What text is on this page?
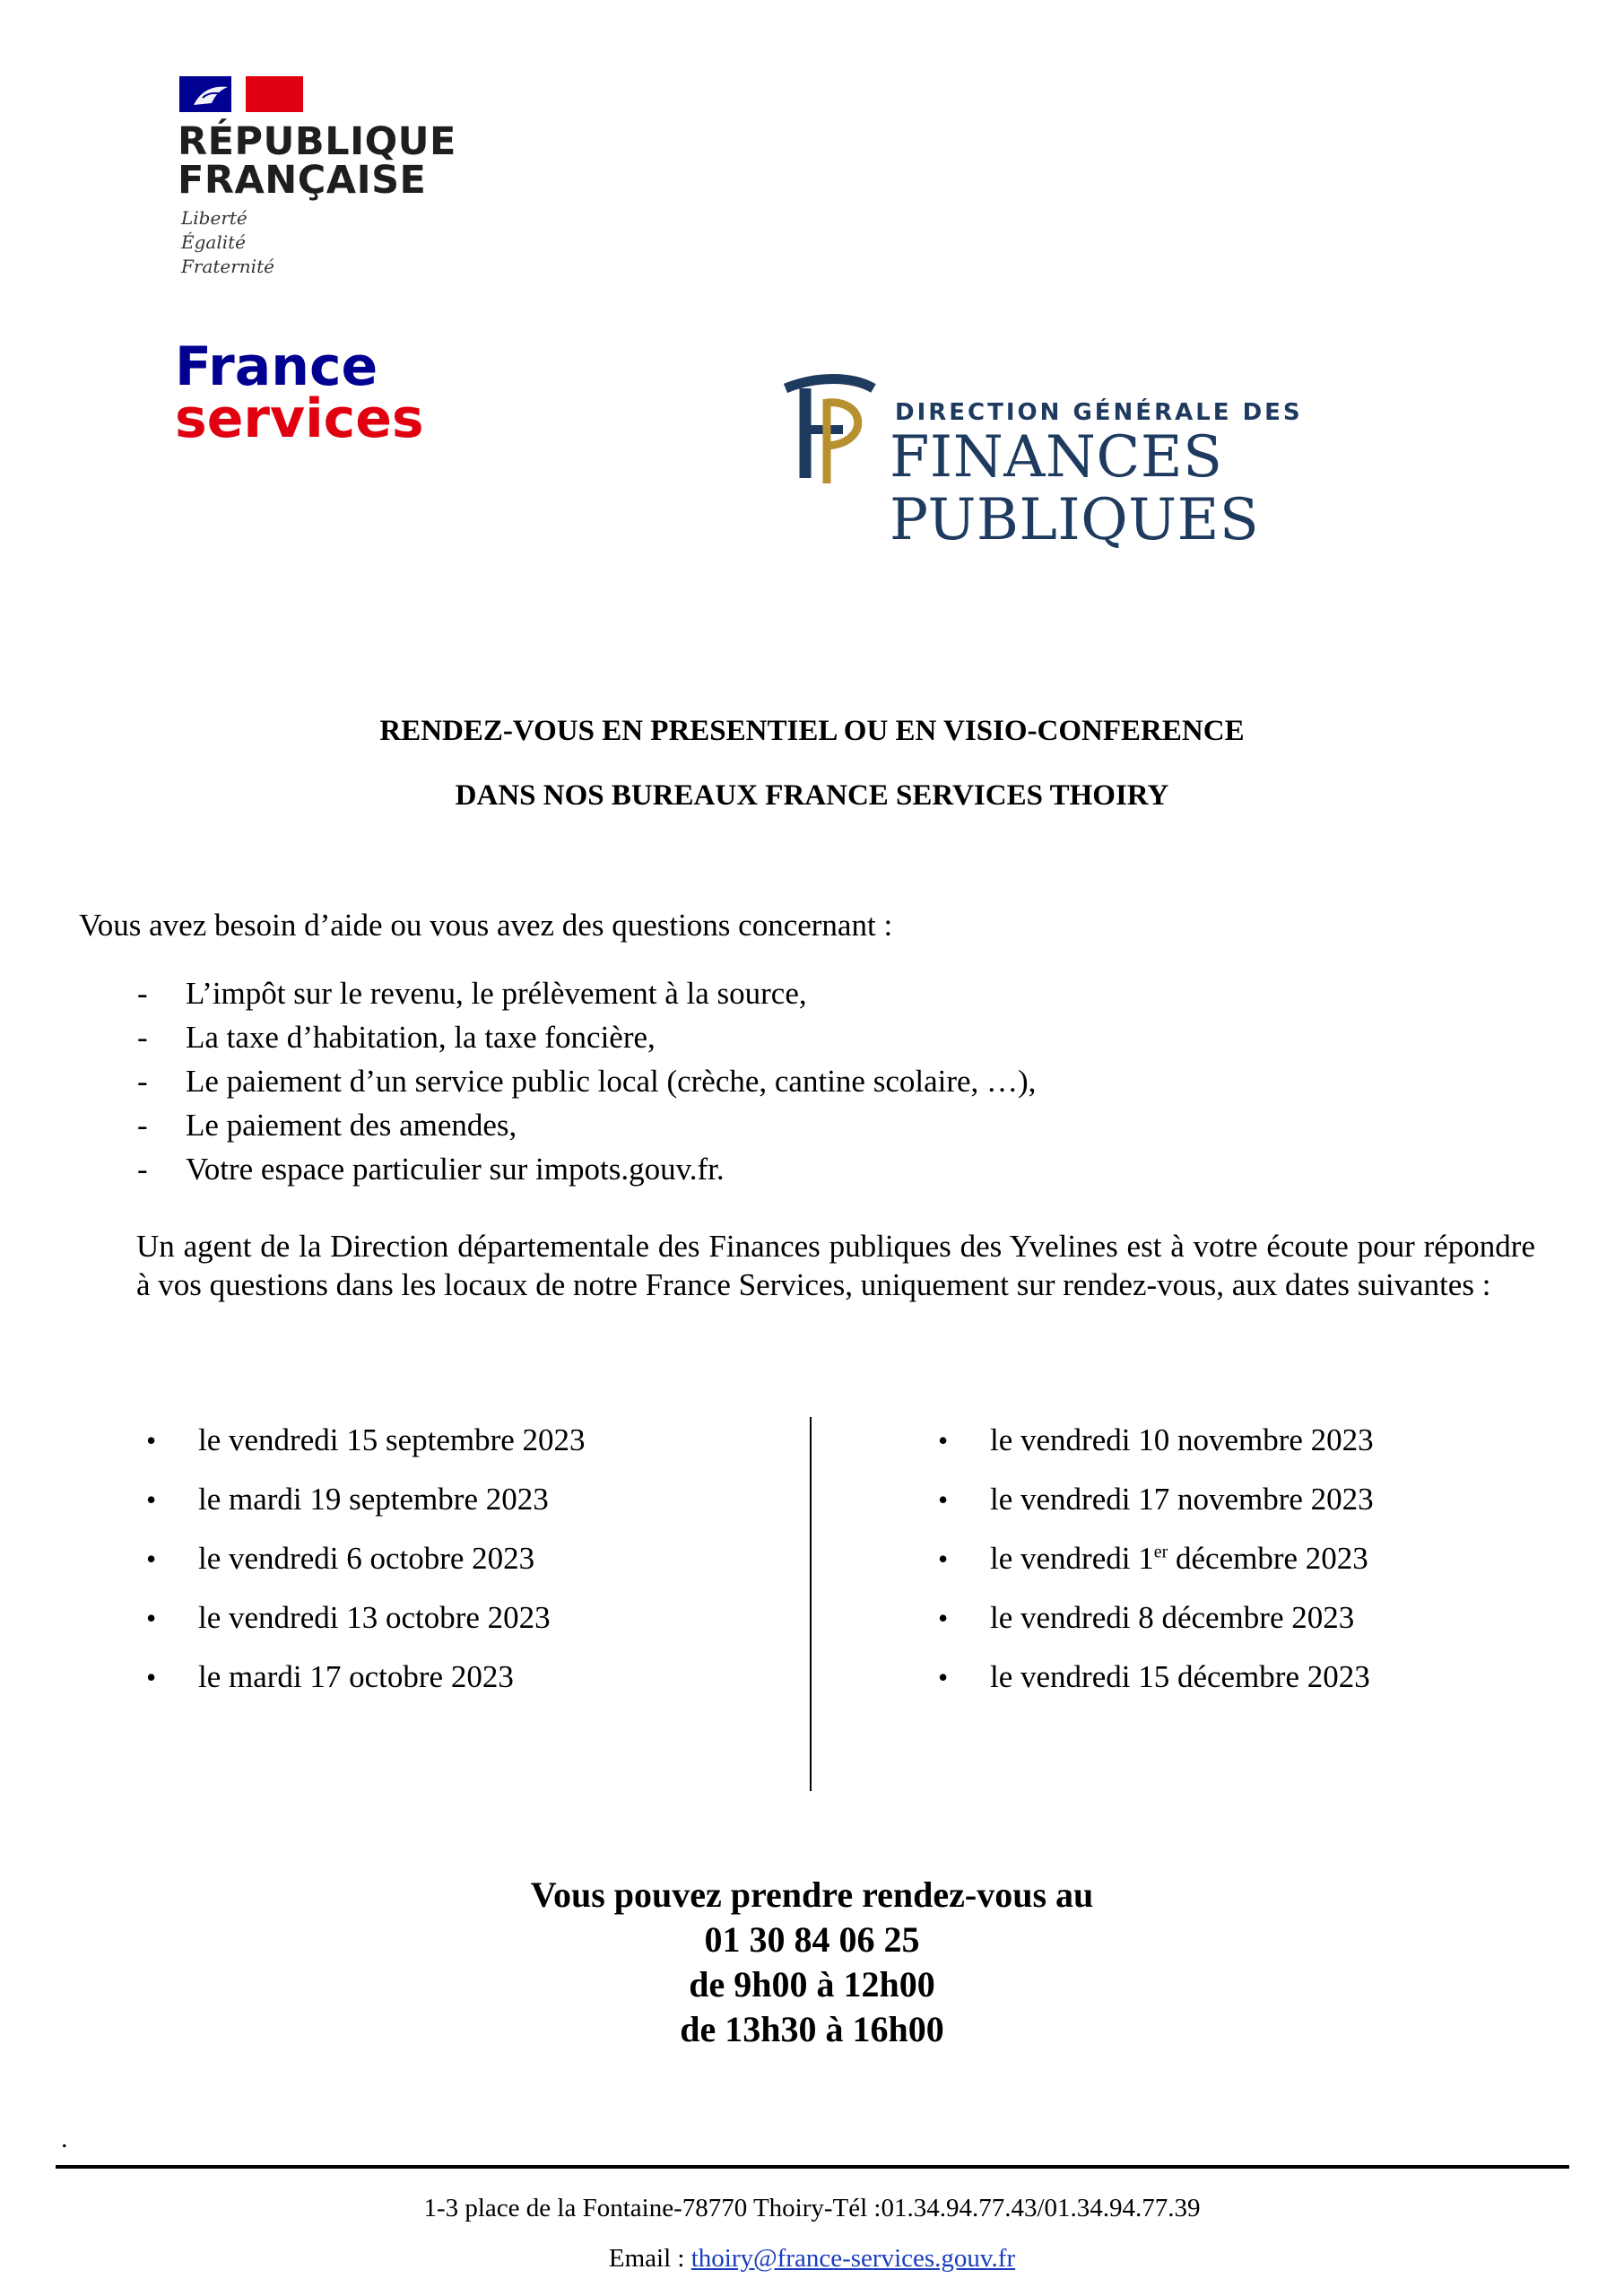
RÉPUBLIQUE
FRANÇAISE
Liberté
Égalité
Fraternité
France
services	DIRECTION GÉNÉRALE DES
FINANCES PUBLIQUES
RENDEZ-VOUS EN PRESENTIEL OU EN VISIO-CONFERENCE
DANS NOS BUREAUX FRANCE SERVICES THOIRY
Vous avez besoin d’aide ou vous avez des questions concernant :
- L’impôt sur le revenu, le prélèvement à la source,
- La taxe d’habitation, la taxe foncière,
- Le paiement d’un service public local (crèche, cantine scolaire, …),
- Le paiement des amendes,
- Votre espace particulier sur impots.gouv.fr.
Un agent de la Direction départementale des Finances publiques des Yvelines est à votre écoute pour répondre à vos questions dans les locaux de notre France Services, uniquement sur rendez-vous, aux dates suivantes :
• le vendredi 15 septembre 2023
• le mardi 19 septembre 2023
• le vendredi 6 octobre 2023
• le vendredi 13 octobre 2023
• le mardi 17 octobre 2023
• le vendredi 10 novembre 2023
• le vendredi 17 novembre 2023
• le vendredi 1er décembre 2023
• le vendredi 8 décembre 2023
• le vendredi 15 décembre 2023
Vous pouvez prendre rendez-vous au
01 30 84 06 25
de 9h00 à 12h00
de 13h30 à 16h00
.
1-3 place de la Fontaine-78770 Thoiry-Tél :01.34.94.77.43/01.34.94.77.39
Email : thoiry@france-services.gouv.fr
